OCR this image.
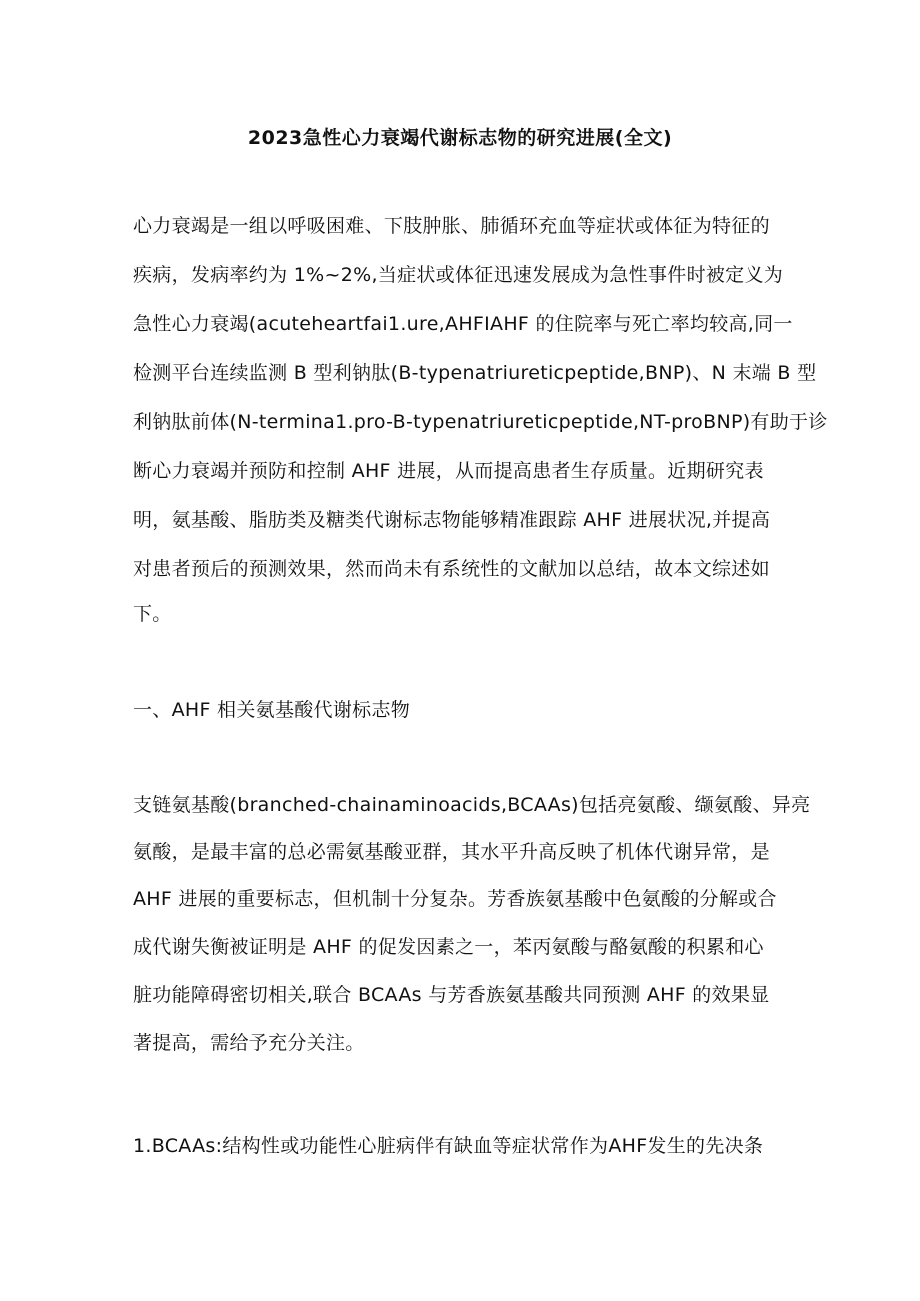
2023急性心力衰竭代谢标志物的研究进展(全文)
心力衰竭是一组以呼吸困难、下肢肿胀、肺循环充血等症状或体征为特征的
疾病，发病率约为 1%~2%,当症状或体征迅速发展成为急性事件时被定义为
急性心力衰竭(acuteheartfai1.ure,AHFIAHF 的住院率与死亡率均较高,同一
检测平台连续监测 B 型利钠肽(B-typenatriureticpeptide,BNP)、N 末端 B 型
利钠肽前体(N-termina1.pro-B-typenatriureticpeptide,NT-proBNP)有助于诊
断心力衰竭并预防和控制 AHF 进展，从而提高患者生存质量。近期研究表
明，氨基酸、脂肪类及糖类代谢标志物能够精准跟踪 AHF 进展状况,并提高
对患者预后的预测效果，然而尚未有系统性的文献加以总结，故本文综述如
下。
一、AHF 相关氨基酸代谢标志物
支链氨基酸(branched-chainaminoacids,BCAAs)包括亮氨酸、缬氨酸、异亮
氨酸，是最丰富的总必需氨基酸亚群，其水平升高反映了机体代谢异常，是
AHF 进展的重要标志，但机制十分复杂。芳香族氨基酸中色氨酸的分解或合
成代谢失衡被证明是 AHF 的促发因素之一，苯丙氨酸与酪氨酸的积累和心
脏功能障碍密切相关,联合 BCAAs 与芳香族氨基酸共同预测 AHF 的效果显
著提高，需给予充分关注。
1.BCAAs:结构性或功能性心脏病伴有缺血等症状常作为AHF发生的先决条
